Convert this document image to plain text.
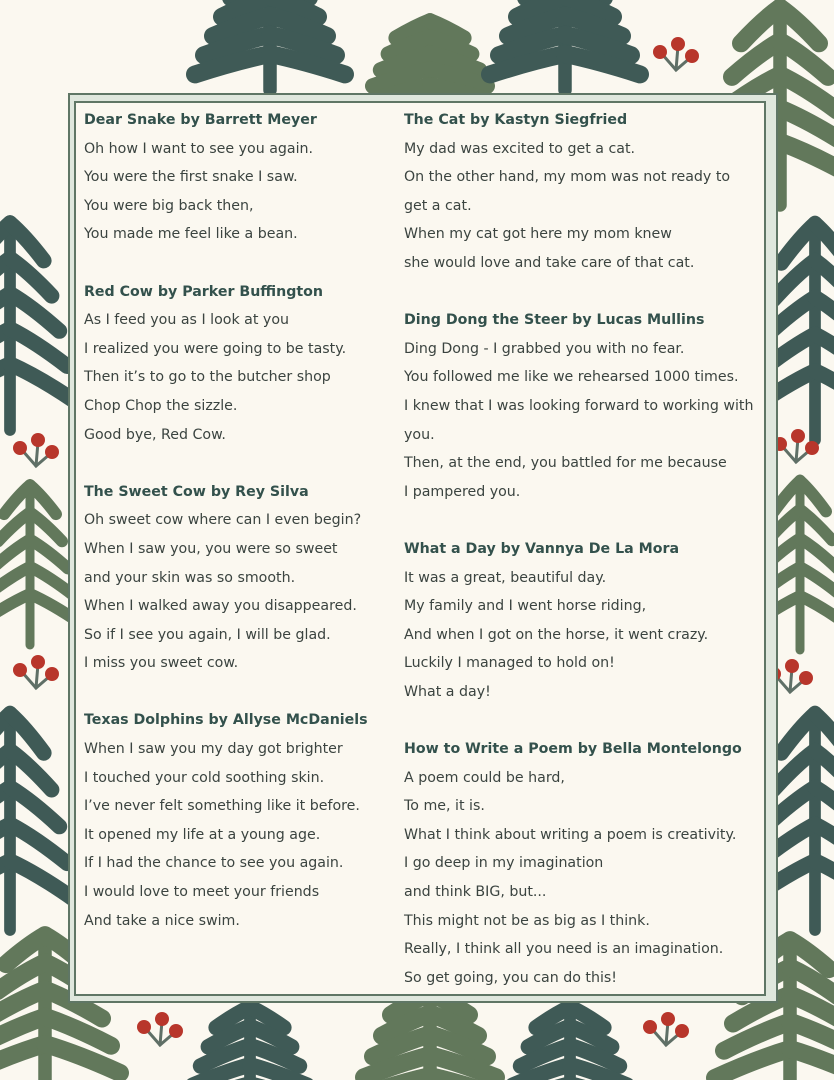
Dear Snake by Barrett Meyer

Oh how I want to see you again.

You were the first snake I saw.

You were big back then,

You made me feel like a bean.

Red Cow by Parker Buffington

As I feed you as I look at you

I realized you were going to be tasty.

Then it’s to go to the butcher shop

Chop Chop the sizzle.

Good bye, Red Cow.

The Sweet Cow by Rey Silva

Oh sweet cow where can I even begin?

When I saw you, you were so sweet

and your skin was so smooth.

When I walked away you disappeared.

So if I see you again, I will be glad.

I miss you sweet cow.

Texas Dolphins by Allyse McDaniels

When I saw you my day got brighter

I touched your cold soothing skin.

I’ve never felt something like it before.

It opened my life at a young age.

If I had the chance to see you again.

I would love to meet your friends

And take a nice swim.

The Cat by Kastyn Siegfried

My dad was excited to get a cat.

On the other hand, my mom was not ready to

get a cat.

When my cat got here my mom knew

she would love and take care of that cat.

Ding Dong the Steer by Lucas Mullins

Ding Dong - I grabbed you with no fear.

You followed me like we rehearsed 1000 times.

I knew that I was looking forward to working with

you.

Then, at the end, you battled for me because

I pampered you.

What a Day by Vannya De La Mora

It was a great, beautiful day.

My family and I went horse riding,

And when I got on the horse, it went crazy.

Luckily I managed to hold on!

What a day!

How to Write a Poem by Bella Montelongo

A poem could be hard,

To me, it is.

What I think about writing a poem is creativity.

I go deep in my imagination

and think BIG, but...

This might not be as big as I think.

Really, I think all you need is an imagination.

So get going, you can do this!
